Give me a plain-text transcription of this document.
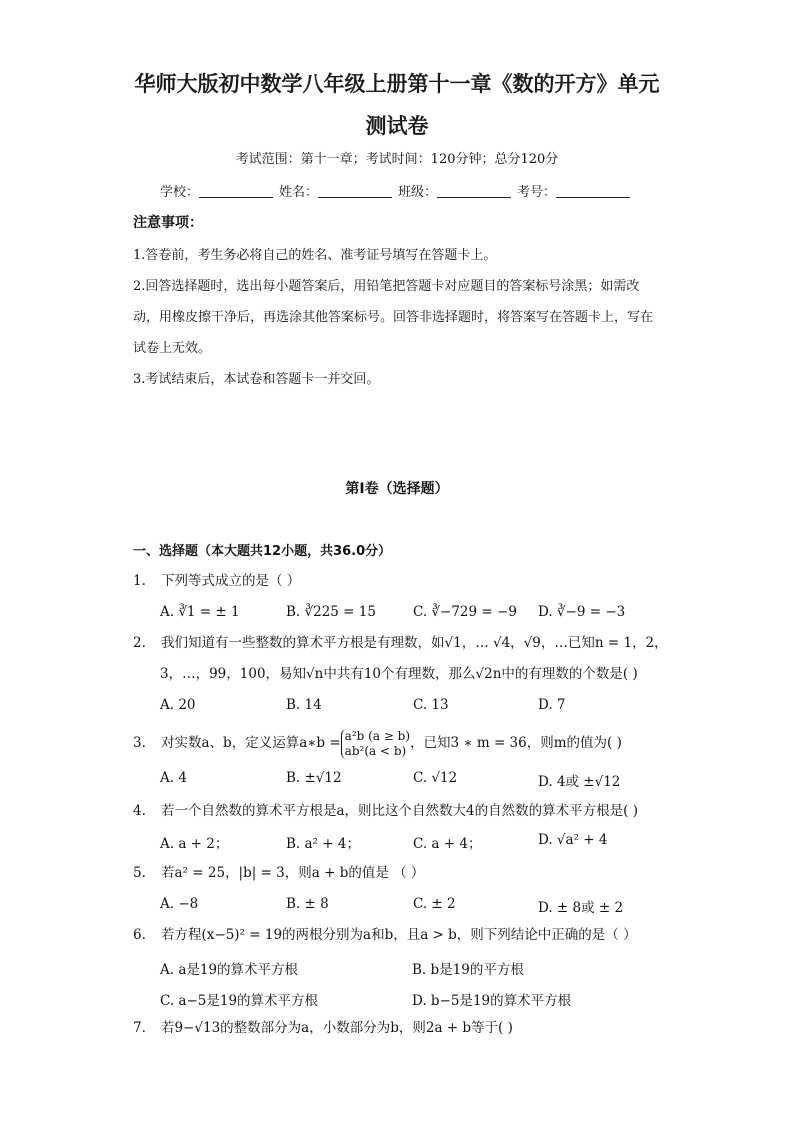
华师大版初中数学八年级上册第十一章《数的开方》单元
测试卷
考试范围：第十一章；考试时间：120分钟；总分120分
学校：	姓名：	班级：	考号：
注意事项：
1.答卷前，考生务必将自己的姓名、准考证号填写在答题卡上。
2.回答选择题时，选出每小题答案后，用铅笔把答题卡对应题目的答案标号涂黑；如需改动，用橡皮擦干净后，再选涂其他答案标号。回答非选择题时，将答案写在答题卡上，写在试卷上无效。
3.考试结束后，本试卷和答题卡一并交回。
第Ⅰ卷（选择题）
一、选择题（本大题共12小题，共36.0分）
1. 下列等式成立的是（ ）
A. ∛1 = ± 1	B. ∛225 = 15	C. ∛−729 = −9 D. ∛−9 = −3
2. 我们知道有一些整数的算术平方根是有理数，如√1，… √4，√9，…已知n = 1，2，
3，…，99，100，易知√n中共有10个有理数，那么√2n中的有理数的个数是( )
A. 20	B. 14	C. 13	D. 7
3. 对实数a、b，定义运算a∗b = a²b (a ≥ b)
ab²(a < b) ，已知3 ∗ m = 36，则m的值为( )
A. 4	B. ±√12	C. √12	D. 4或 ±√12
4. 若一个自然数的算术平方根是a，则比这个自然数大4的自然数的算术平方根是( )
A. a + 2；	B. a² + 4；	C. a + 4；	D. √a² + 4
5. 若a² = 25，|b| = 3，则a + b的值是 （ ）
A. −8	B. ± 8	C. ± 2	D. ± 8或 ± 2
6. 若方程(x−5)² = 19的两根分别为a和b，且a > b，则下列结论中正确的是（ ）
A. a是19的算术平方根	B. b是19的平方根
C. a−5是19的算术平方根	D. b−5是19的算术平方根
7. 若9−√13的整数部分为a，小数部分为b，则2a + b等于( )
